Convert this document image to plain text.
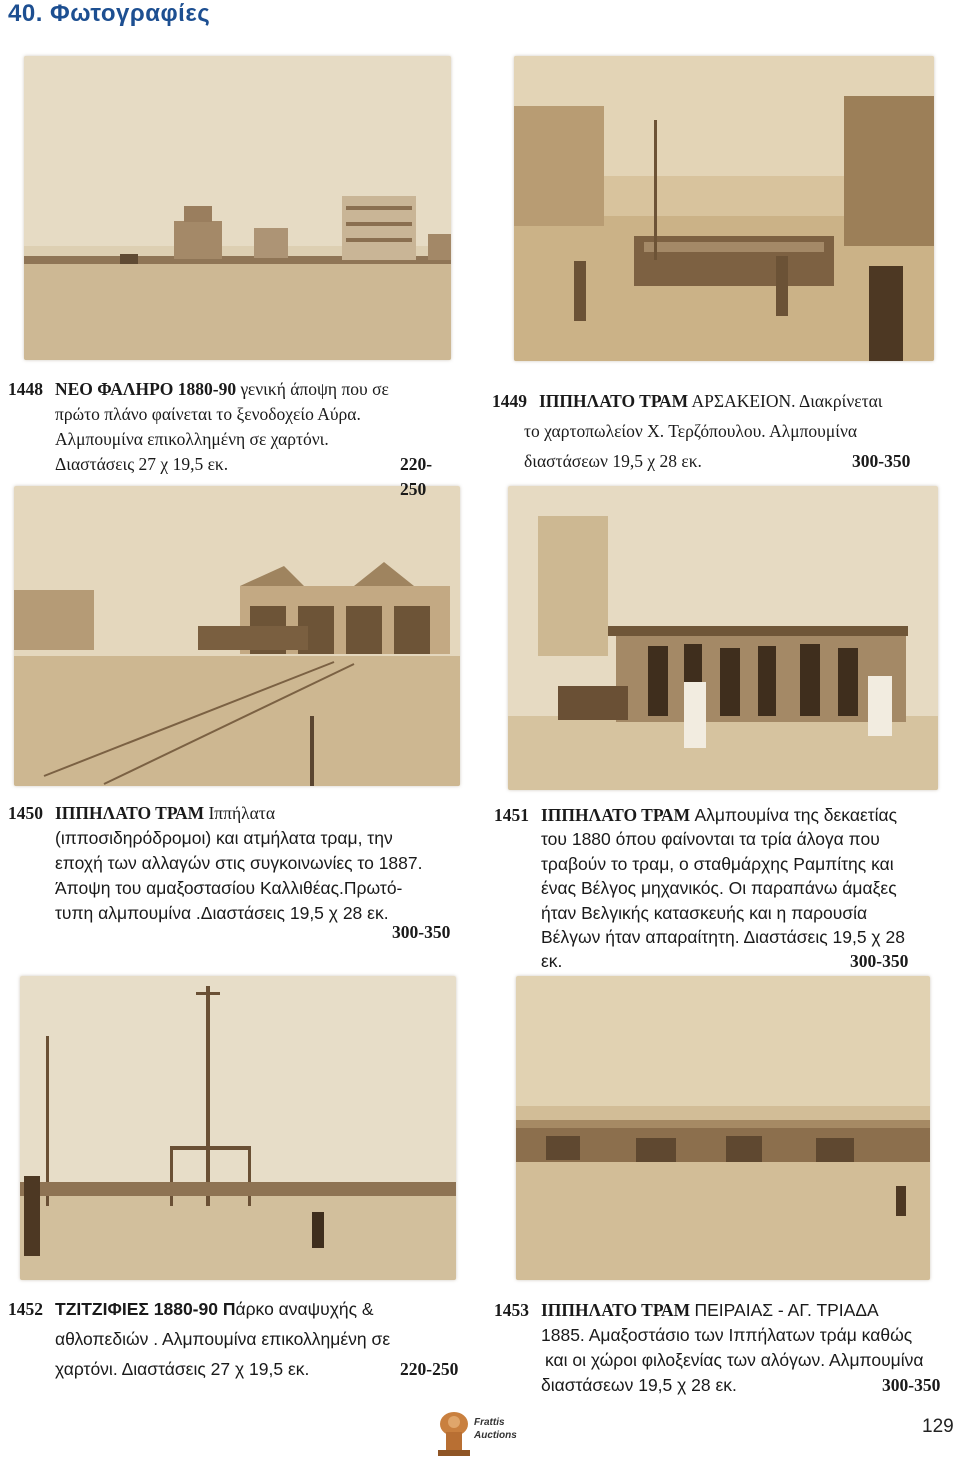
40. Φωτογραφίες
1448 ΝΕΟ ΦΑΛΗΡΟ 1880-90 γενική άποψη που σε
πρώτο πλάνο φαίνεται το ξενοδοχείο Αύρα.
Αλμπουμίνα επικολλημένη σε χαρτόνι.
Διαστάσεις 27 χ 19,5 εκ.	220-250
1449 ΙΠΠΗΛΑΤΟ ΤΡΑΜ ΑΡΣΑΚΕΙΟΝ. Διακρίνεται
το χαρτοπωλείον Χ. Τερζόπουλου. Αλμπουμίνα
διαστάσεων 19,5 χ 28 εκ.	300-350
1450 ΙΠΠΗΛΑΤΟ ΤΡΑΜ Ιππήλατα
(ιπποσιδηρόδρομοι) και ατμήλατα τραμ, την
εποχή των αλλαγών στις συγκοινωνίες το 1887.
Άποψη του αμαξοστασίου Καλλιθέας.Πρωτό-
τυπη αλμπουμίνα .Διαστάσεις 19,5 χ 28 εκ.
300-350
1451 ΙΠΠΗΛΑΤΟ ΤΡΑΜ Αλμπουμίνα της δεκαετίας
του 1880 όπου φαίνονται τα τρία άλογα που
τραβούν το τραμ, ο σταθμάρχης Ραμπίτης και
ένας Βέλγος μηχανικός. Οι παραπάνω άμαξες
ήταν Βελγικής κατασκευής και η παρουσία
Βέλγων ήταν απαραίτητη. Διαστάσεις 19,5 χ 28
εκ.	300-350
1452 ΤΖΙΤΖΙΦΙΕΣ 1880-90 Πάρκο αναψυχής &
αθλοπεδιών . Αλμπουμίνα επικολλημένη σε
χαρτόνι. Διαστάσεις 27 χ 19,5 εκ.	220-250
1453 ΙΠΠΗΛΑΤΟ ΤΡΑΜ ΠΕΙΡΑΙΑΣ - ΑΓ. ΤΡΙΑΔΑ
1885. Αμαξοστάσιο των Ιππήλατων τράμ καθώς
και οι χώροι φιλοξενίας των αλόγων. Αλμπουμίνα
διαστάσεων 19,5 χ 28 εκ.	300-350
Frattis
Auctions	129
